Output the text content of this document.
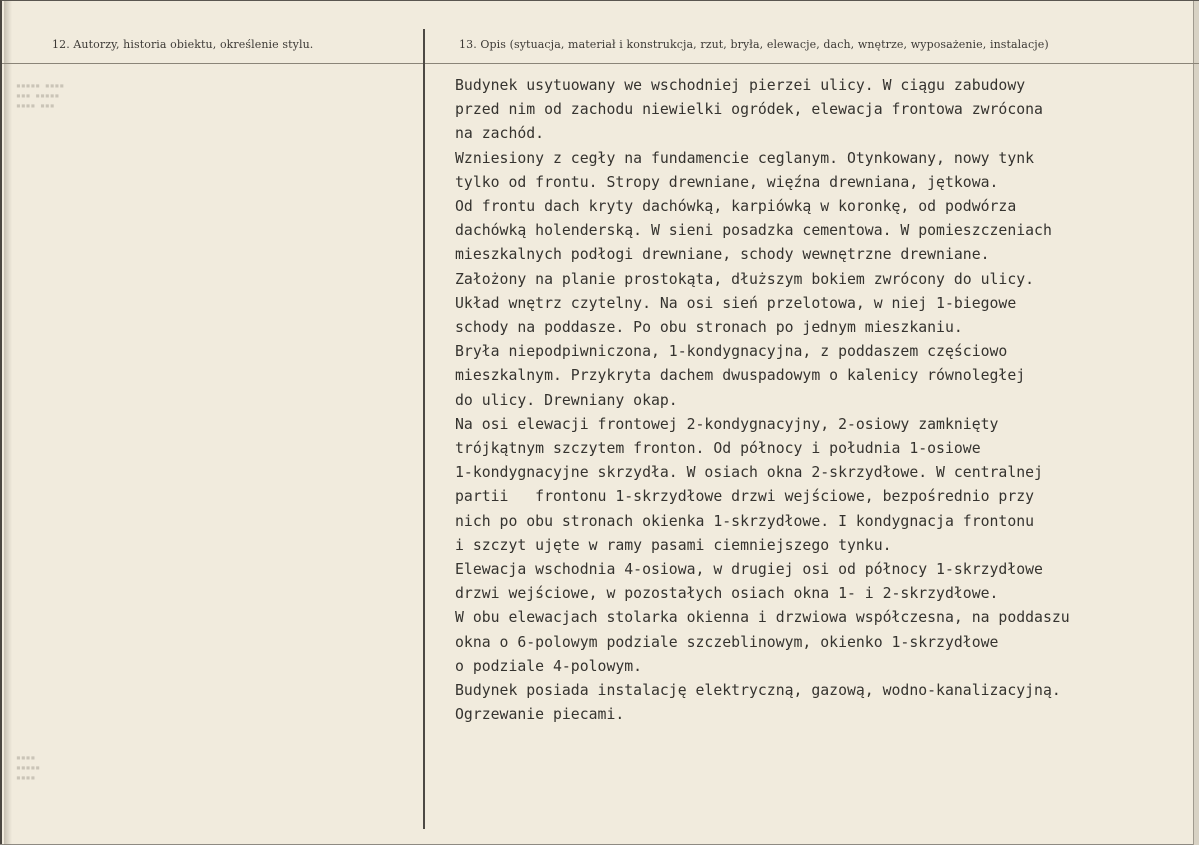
▪▪▪▪▪ ▪▪▪▪
▪▪▪ ▪▪▪▪▪
▪▪▪▪ ▪▪▪
▪▪▪▪
▪▪▪▪▪
▪▪▪▪
12. Autorzy, historia obiektu, określenie stylu.	13. Opis (sytuacja, materiał i konstrukcja, rzut, bryła, elewacje, dach, wnętrze, wyposażenie, instalacje)
Budynek usytuowany we wschodniej pierzei ulicy. W ciągu zabudowy
przed nim od zachodu niewielki ogródek, elewacja frontowa zwrócona
na zachód.
Wzniesiony z cegły na fundamencie ceglanym. Otynkowany, nowy tynk
tylko od frontu. Stropy drewniane, więźna drewniana, jętkowa.
Od frontu dach kryty dachówką, karpiówką w koronkę, od podwórza
dachówką holenderską. W sieni posadzka cementowa. W pomieszczeniach
mieszkalnych podłogi drewniane, schody wewnętrzne drewniane.
Założony na planie prostokąta, dłuższym bokiem zwrócony do ulicy.
Układ wnętrz czytelny. Na osi sień przelotowa, w niej 1-biegowe
schody na poddasze. Po obu stronach po jednym mieszkaniu.
Bryła niepodpiwniczona, 1-kondygnacyjna, z poddaszem częściowo
mieszkalnym. Przykryta dachem dwuspadowym o kalenicy równoległej
do ulicy. Drewniany okap.
Na osi elewacji frontowej 2-kondygnacyjny, 2-osiowy zamknięty
trójkątnym szczytem fronton. Od północy i południa 1-osiowe
1-kondygnacyjne skrzydła. W osiach okna 2-skrzydłowe. W centralnej
partii   frontonu 1-skrzydłowe drzwi wejściowe, bezpośrednio przy
nich po obu stronach okienka 1-skrzydłowe. I kondygnacja frontonu
i szczyt ujęte w ramy pasami ciemniejszego tynku.
Elewacja wschodnia 4-osiowa, w drugiej osi od północy 1-skrzydłowe
drzwi wejściowe, w pozostałych osiach okna 1- i 2-skrzydłowe.
W obu elewacjach stolarka okienna i drzwiowa współczesna, na poddaszu
okna o 6-polowym podziale szczeblinowym, okienko 1-skrzydłowe
o podziale 4-polowym.
Budynek posiada instalację elektryczną, gazową, wodno-kanalizacyjną.
Ogrzewanie piecami.
